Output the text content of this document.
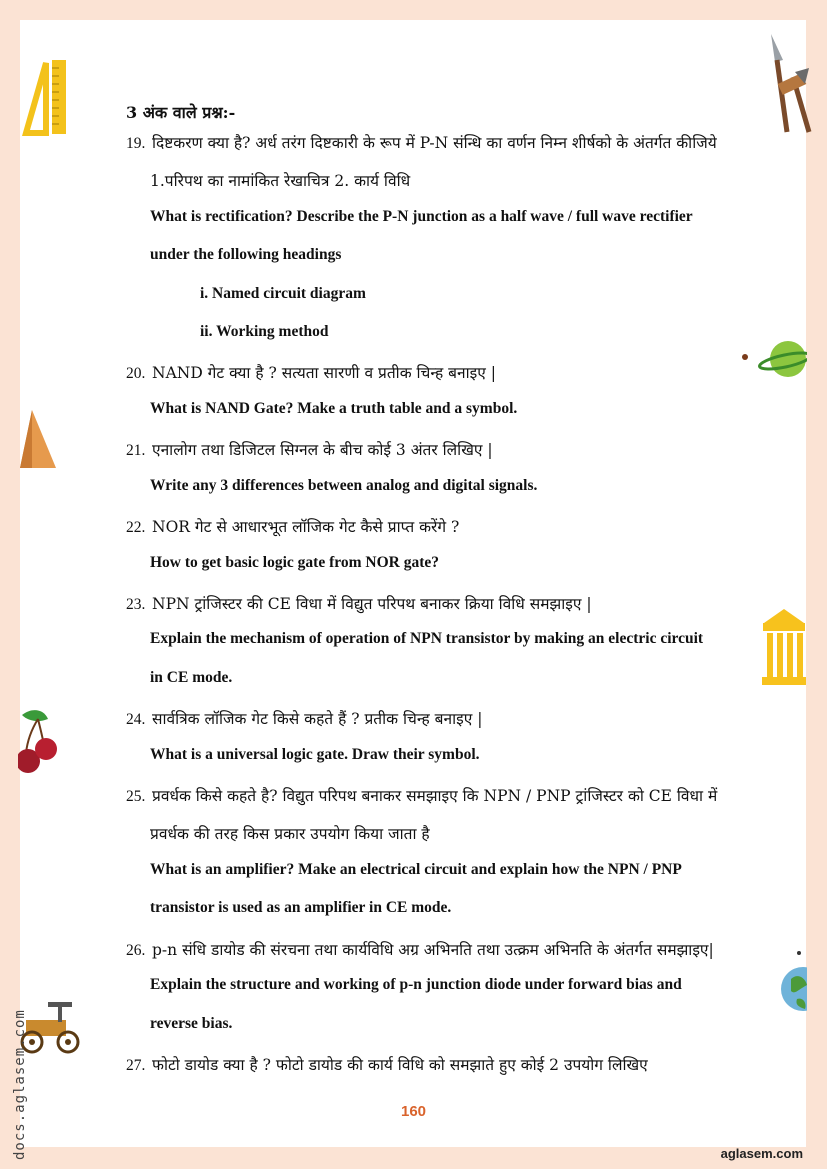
3 अंक वाले प्रश्न:-
19. दिष्टकरण क्या है? अर्ध तरंग दिष्टकारी के रूप में P-N संन्धि का वर्णन निम्न शीर्षको के अंतर्गत कीजिये
1.परिपथ का नामांकित रेखाचित्र 2. कार्य विधि
What is rectification? Describe the P-N junction as a half wave / full wave rectifier
under the following headings
i. Named circuit diagram
ii. Working method
20. NAND गेट क्या है ? सत्यता सारणी व प्रतीक चिन्ह बनाइए |
What is NAND Gate? Make a truth table and a symbol.
21. एनालोग तथा डिजिटल सिग्नल के बीच कोई 3 अंतर लिखिए |
Write any 3 differences between analog and digital signals.
22. NOR गेट से आधारभूत लॉजिक गेट कैसे प्राप्त करेंगे ?
How to get basic logic gate from NOR gate?
23. NPN ट्रांजिस्टर की CE विधा में विद्युत परिपथ बनाकर क्रिया विधि समझाइए |
Explain the mechanism of operation of NPN transistor by making an electric circuit
in CE mode.
24. सार्वत्रिक लॉजिक गेट किसे कहते हैं ? प्रतीक चिन्ह बनाइए |
What is a universal logic gate. Draw their symbol.
25. प्रवर्धक किसे कहते है? विद्युत परिपथ बनाकर समझाइए कि NPN / PNP ट्रांजिस्टर को CE विधा में
प्रवर्धक की तरह किस प्रकार उपयोग किया जाता है
What is an amplifier? Make an electrical circuit and explain how the NPN / PNP
transistor is used as an amplifier in CE mode.
26. p-n संधि डायोड की संरचना तथा कार्यविधि अग्र अभिनति तथा उत्क्रम अभिनति के अंतर्गत समझाइए|
Explain the structure and working of p-n junction diode under forward bias and
reverse bias.
27. फोटो डायोड क्या है ? फोटो डायोड की कार्य विधि को समझाते हुए कोई 2 उपयोग लिखिए
160
aglasem.com
docs.aglasem.com
